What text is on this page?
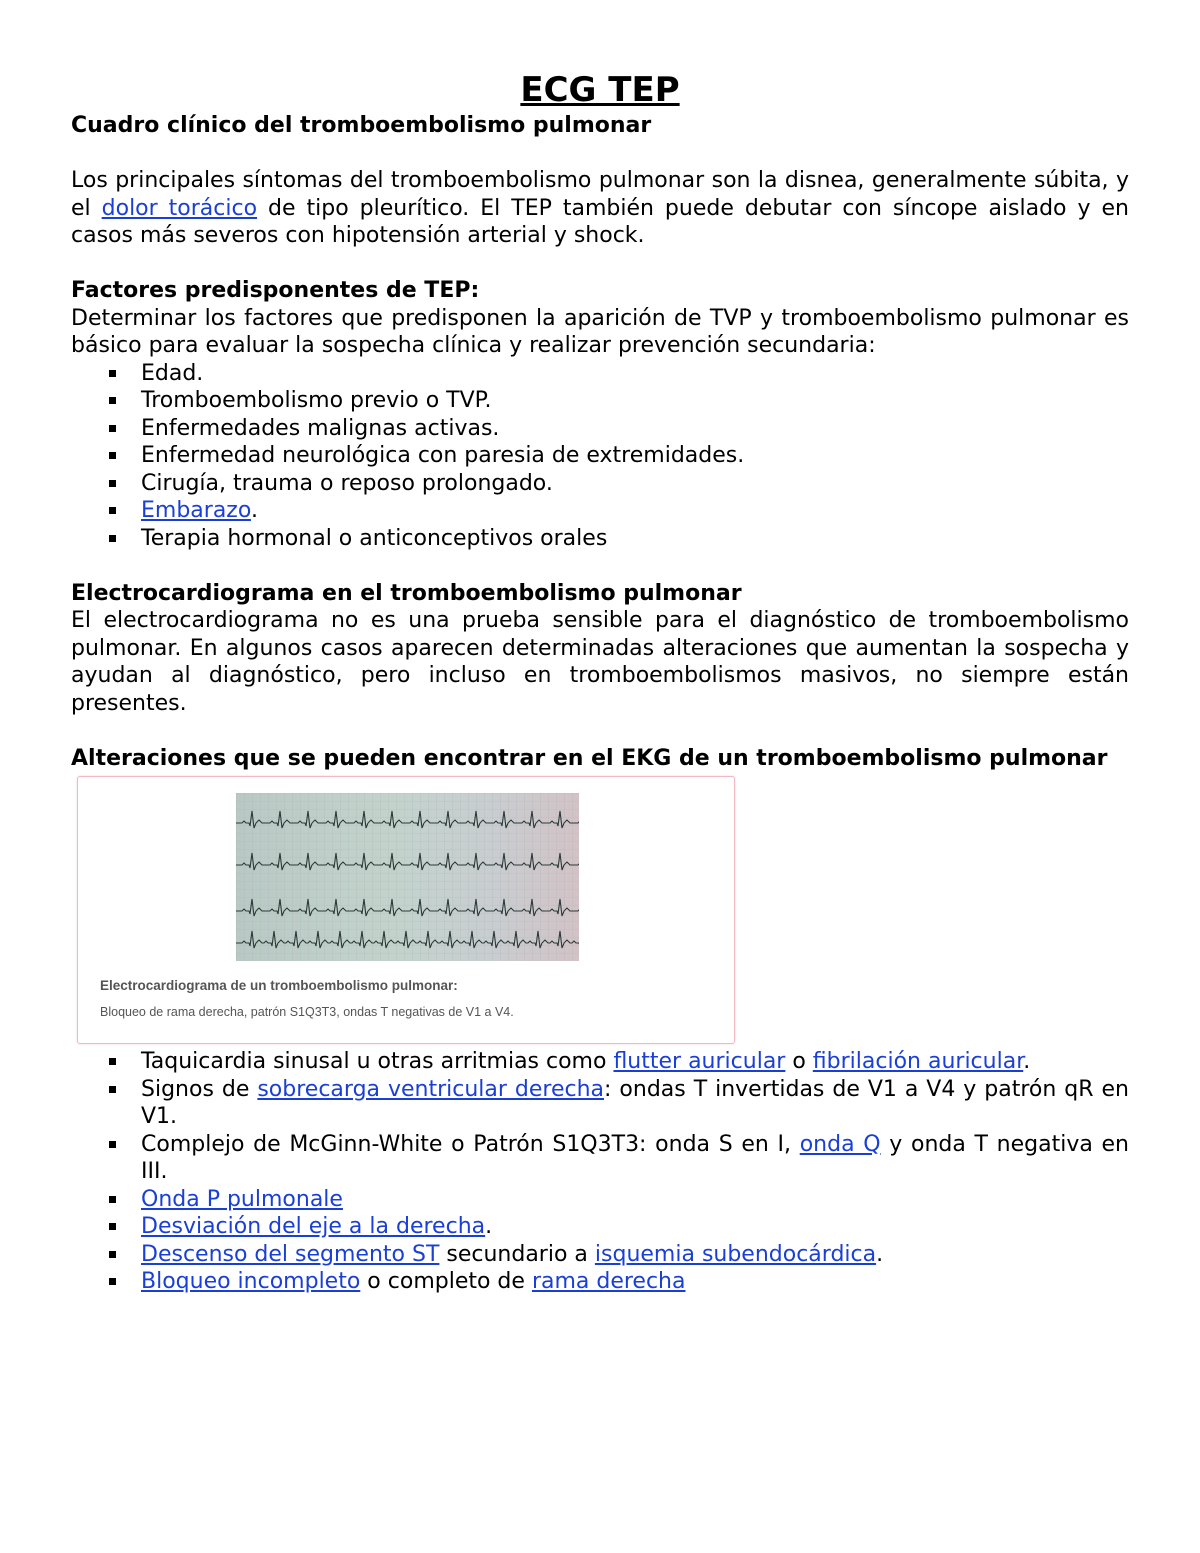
ECG TEP
Cuadro clínico del tromboembolismo pulmonar

Los principales síntomas del tromboembolismo pulmonar son la disnea, generalmente súbita, y el dolor torácico de tipo pleurítico. El TEP también puede debutar con síncope aislado y en casos más severos con hipotensión arterial y shock.

Factores predisponentes de TEP:

Determinar los factores que predisponen la aparición de TVP y tromboembolismo pulmonar es básico para evaluar la sospecha clínica y realizar prevención secundaria:

Edad.
Tromboembolismo previo o TVP.
Enfermedades malignas activas.
Enfermedad neurológica con paresia de extremidades.
Cirugía, trauma o reposo prolongado.
Embarazo.
Terapia hormonal o anticonceptivos orales
Electrocardiograma en el tromboembolismo pulmonar

El electrocardiograma no es una prueba sensible para el diagnóstico de tromboembolismo pulmonar. En algunos casos aparecen determinadas alteraciones que aumentan la sospecha y ayudan al diagnóstico, pero incluso en tromboembolismos masivos, no siempre están presentes.

Alteraciones que se pueden encontrar en el EKG de un tromboembolismo pulmonar
Electrocardiograma de un tromboembolismo pulmonar:
Bloqueo de rama derecha, patrón S1Q3T3, ondas T negativas de V1 a V4.
Taquicardia sinusal u otras arritmias como flutter auricular o fibrilación auricular.
Signos de sobrecarga ventricular derecha: ondas T invertidas de V1 a V4 y patrón qR en V1.
Complejo de McGinn-White o Patrón S1Q3T3: onda S en I, onda Q y onda T negativa en III.
Onda P pulmonale
Desviación del eje a la derecha.
Descenso del segmento ST secundario a isquemia subendocárdica.
Bloqueo incompleto o completo de rama derecha
